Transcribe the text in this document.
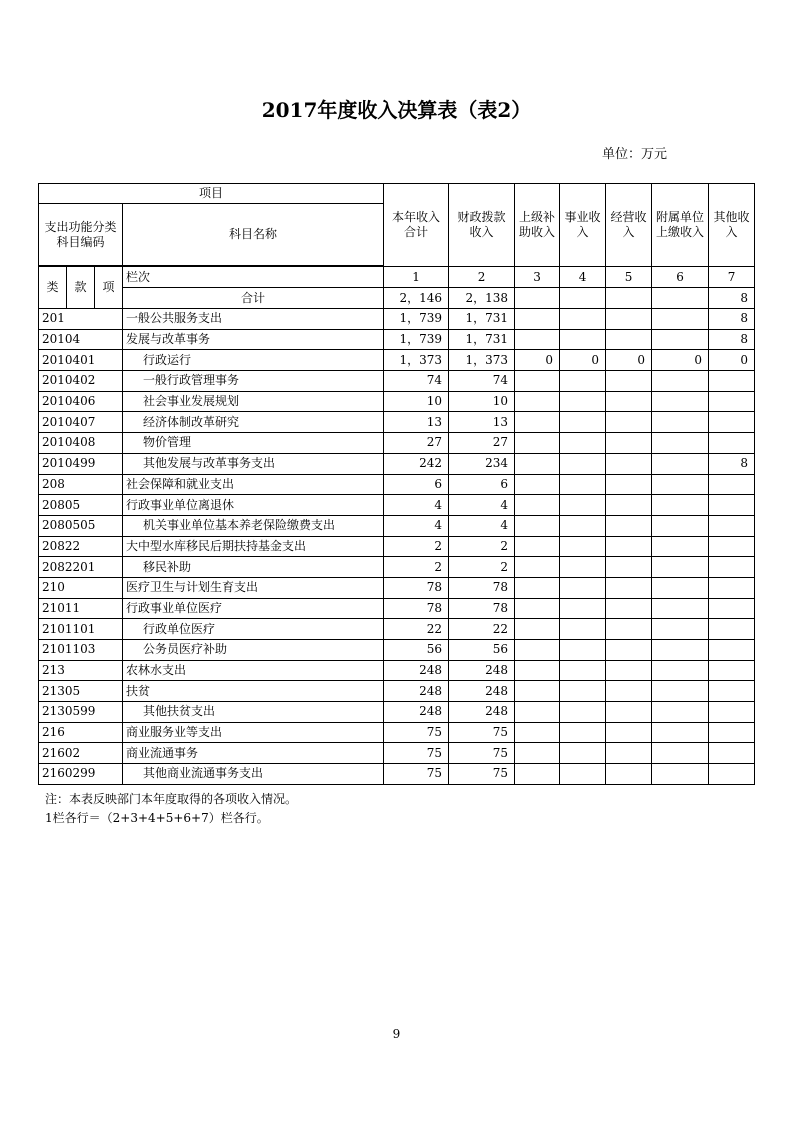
2017年度收入决算表（表2）
单位：万元
项目				本年收入合计	财政拨款收入	上级补助收入	事业收入	经营收入	附属单位上缴收入	其他收入
支出功能分类科目编码			科目名称							

类	款	项	栏次	1	2	3	4	5	6	7
			合计	2，146	2，138					8
201			一般公共服务支出	1，739	1，731					8
20104			发展与改革事务	1，739	1，731					8
2010401			行政运行	1，373	1，373	0	0	0	0	0
2010402			一般行政管理事务	74	74					
2010406			社会事业发展规划	10	10					
2010407			经济体制改革研究	13	13					
2010408			物价管理	27	27					
2010499			其他发展与改革事务支出	242	234					8
208			社会保障和就业支出	6	6					
20805			行政事业单位离退休	4	4					
2080505			机关事业单位基本养老保险缴费支出	4	4					
20822			大中型水库移民后期扶持基金支出	2	2					
2082201			移民补助	2	2					
210			医疗卫生与计划生育支出	78	78					
21011			行政事业单位医疗	78	78					
2101101			行政单位医疗	22	22					
2101103			公务员医疗补助	56	56					
213			农林水支出	248	248					
21305			扶贫	248	248					
2130599			其他扶贫支出	248	248					
216			商业服务业等支出	75	75					
21602			商业流通事务	75	75					
2160299			其他商业流通事务支出	75	75					
注：本表反映部门本年度取得的各项收入情况。
1栏各行＝（2+3+4+5+6+7）栏各行。
9
